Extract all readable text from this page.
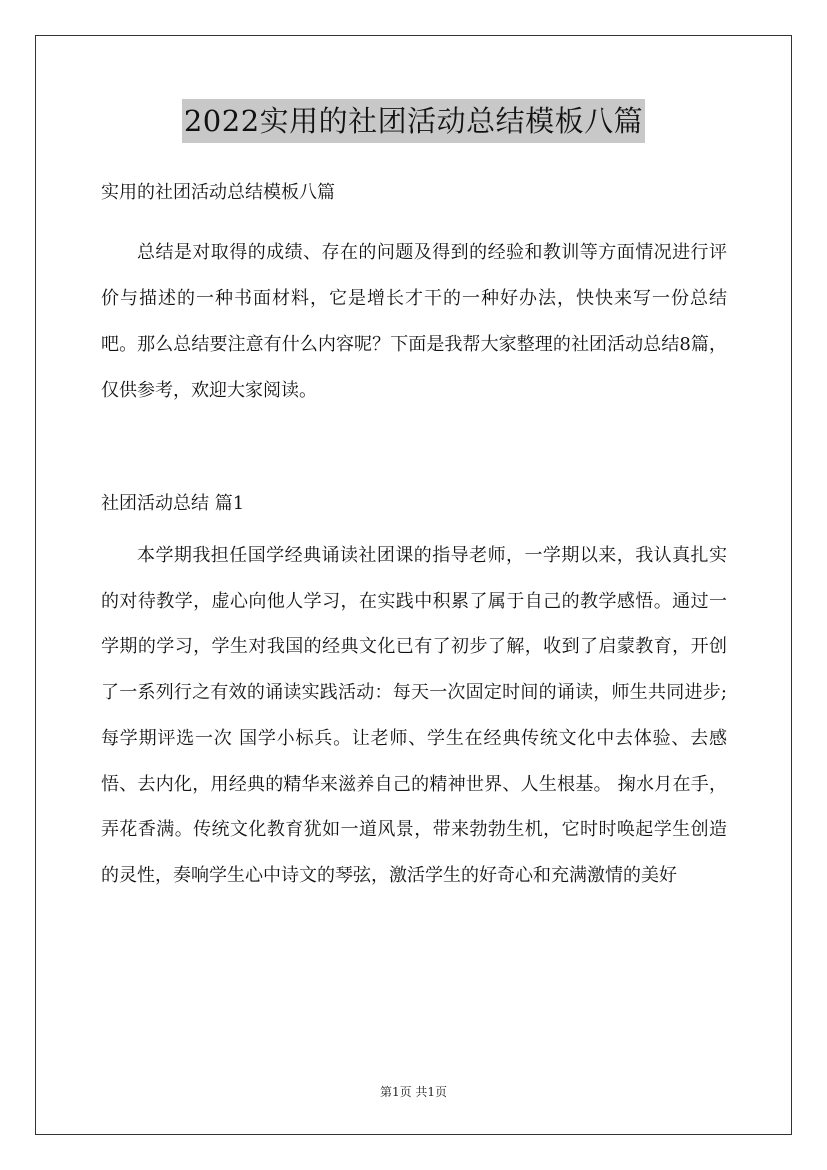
2022实用的社团活动总结模板八篇

实用的社团活动总结模板八篇

总结是对取得的成绩、存在的问题及得到的经验和教训等方面情况进行评价与描述的一种书面材料，它是增长才干的一种好办法，快快来写一份总结吧。那么总结要注意有什么内容呢？下面是我帮大家整理的社团活动总结8篇，仅供参考，欢迎大家阅读。

社团活动总结 篇1

本学期我担任国学经典诵读社团课的指导老师，一学期以来，我认真扎实的对待教学，虚心向他人学习，在实践中积累了属于自己的教学感悟。通过一学期的学习，学生对我国的经典文化已有了初步了解，收到了启蒙教育，开创了一系列行之有效的诵读实践活动：每天一次固定时间的诵读，师生共同进步;每学期评选一次 国学小标兵。让老师、学生在经典传统文化中去体验、去感悟、去内化，用经典的精华来滋养自己的精神世界、人生根基。 掬水月在手，弄花香满。传统文化教育犹如一道风景，带来勃勃生机，它时时唤起学生创造的灵性，奏响学生心中诗文的琴弦，激活学生的好奇心和充满激情的美好

第1页 共1页
